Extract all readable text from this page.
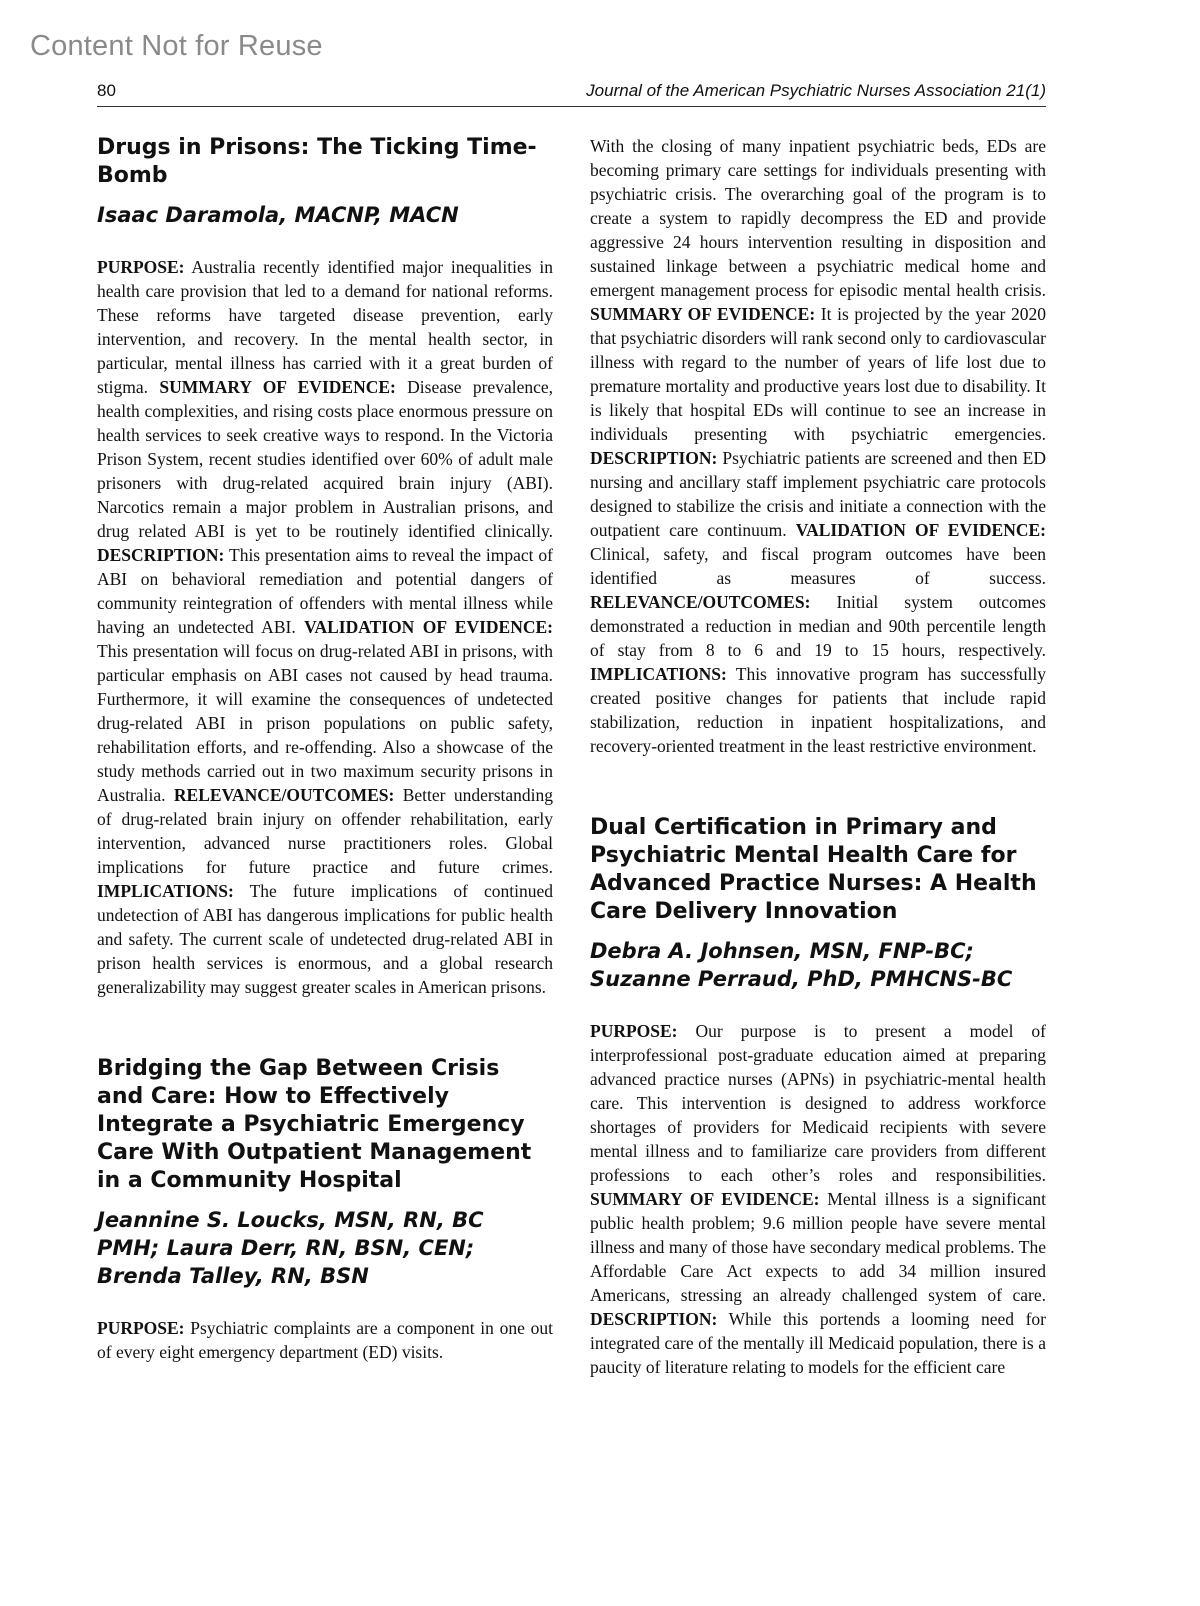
Content Not for Reuse
80	Journal of the American Psychiatric Nurses Association 21(1)
Drugs in Prisons: The Ticking Time-Bomb

Isaac Daramola, MACNP, MACN

PURPOSE: Australia recently identified major inequalities in health care provision that led to a demand for national reforms. These reforms have targeted disease prevention, early intervention, and recovery. In the mental health sector, in particular, mental illness has carried with it a great burden of stigma. SUMMARY OF EVIDENCE: Disease prevalence, health complexities, and rising costs place enormous pressure on health services to seek creative ways to respond. In the Victoria Prison System, recent studies identified over 60% of adult male prisoners with drug-related acquired brain injury (ABI). Narcotics remain a major problem in Australian prisons, and drug related ABI is yet to be routinely identified clinically. DESCRIPTION: This presentation aims to reveal the impact of ABI on behavioral remediation and potential dangers of community reintegration of offenders with mental illness while having an undetected ABI. VALIDATION OF EVIDENCE: This presentation will focus on drug-related ABI in prisons, with particular emphasis on ABI cases not caused by head trauma. Furthermore, it will examine the consequences of undetected drug-related ABI in prison populations on public safety, rehabilitation efforts, and re-offending. Also a showcase of the study methods carried out in two maximum security prisons in Australia. RELEVANCE/OUTCOMES: Better understanding of drug-related brain injury on offender rehabilitation, early intervention, advanced nurse practitioners roles. Global implications for future practice and future crimes. IMPLICATIONS: The future implications of continued undetection of ABI has dangerous implications for public health and safety. The current scale of undetected drug-related ABI in prison health services is enormous, and a global research generalizability may suggest greater scales in American prisons.

Bridging the Gap Between Crisis and Care: How to Effectively Integrate a Psychiatric Emergency Care With Outpatient Management in a Community Hospital

Jeannine S. Loucks, MSN, RN, BC PMH; Laura Derr, RN, BSN, CEN; Brenda Talley, RN, BSN

PURPOSE: Psychiatric complaints are a component in one out of every eight emergency department (ED) visits.

With the closing of many inpatient psychiatric beds, EDs are becoming primary care settings for individuals presenting with psychiatric crisis. The overarching goal of the program is to create a system to rapidly decompress the ED and provide aggressive 24 hours intervention resulting in disposition and sustained linkage between a psychiatric medical home and emergent management process for episodic mental health crisis. SUMMARY OF EVIDENCE: It is projected by the year 2020 that psychiatric disorders will rank second only to cardiovascular illness with regard to the number of years of life lost due to premature mortality and productive years lost due to disability. It is likely that hospital EDs will continue to see an increase in individuals presenting with psychiatric emergencies. DESCRIPTION: Psychiatric patients are screened and then ED nursing and ancillary staff implement psychiatric care protocols designed to stabilize the crisis and initiate a connection with the outpatient care continuum. VALIDATION OF EVIDENCE: Clinical, safety, and fiscal program outcomes have been identified as measures of success. RELEVANCE/OUTCOMES: Initial system outcomes demonstrated a reduction in median and 90th percentile length of stay from 8 to 6 and 19 to 15 hours, respectively. IMPLICATIONS: This innovative program has successfully created positive changes for patients that include rapid stabilization, reduction in inpatient hospitalizations, and recovery-oriented treatment in the least restrictive environment.

Dual Certification in Primary and Psychiatric Mental Health Care for Advanced Practice Nurses: A Health Care Delivery Innovation

Debra A. Johnsen, MSN, FNP-BC; Suzanne Perraud, PhD, PMHCNS-BC

PURPOSE: Our purpose is to present a model of interprofessional post-graduate education aimed at preparing advanced practice nurses (APNs) in psychiatric-mental health care. This intervention is designed to address workforce shortages of providers for Medicaid recipients with severe mental illness and to familiarize care providers from different professions to each other’s roles and responsibilities. SUMMARY OF EVIDENCE: Mental illness is a significant public health problem; 9.6 million people have severe mental illness and many of those have secondary medical problems. The Affordable Care Act expects to add 34 million insured Americans, stressing an already challenged system of care. DESCRIPTION: While this portends a looming need for integrated care of the mentally ill Medicaid population, there is a paucity of literature relating to models for the efficient care
